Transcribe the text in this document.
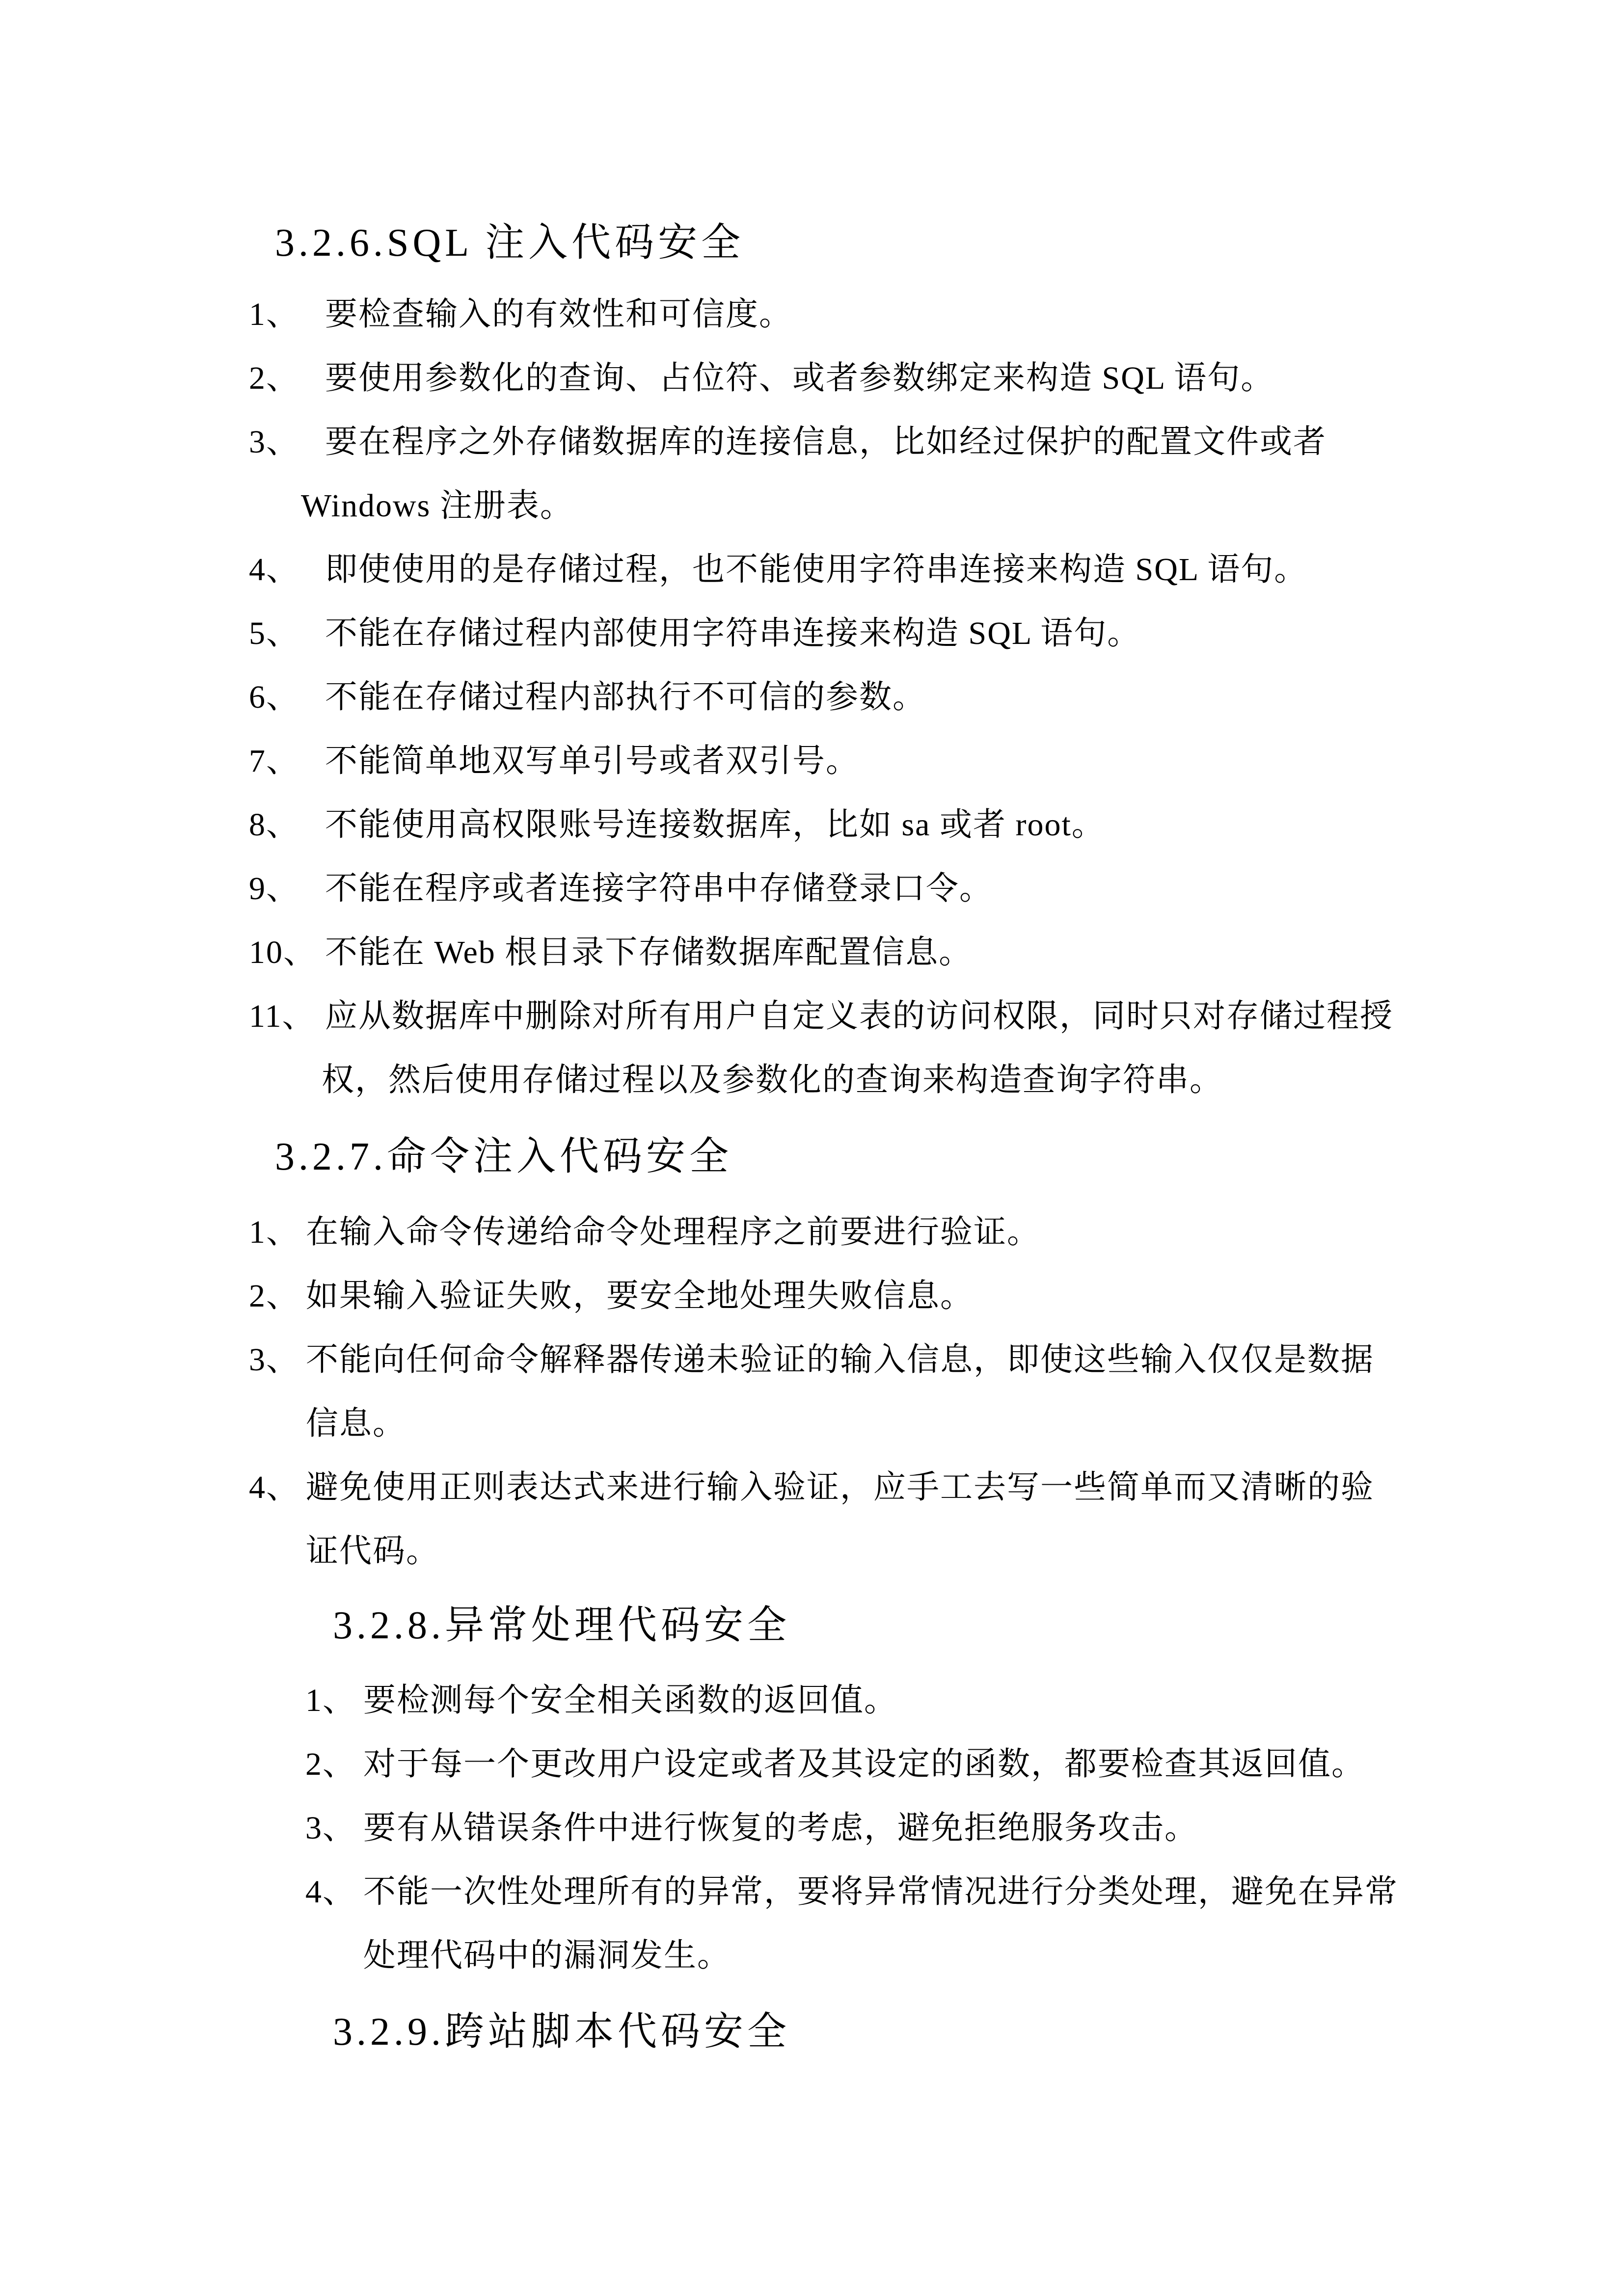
3.2.6.SQL 注入代码安全
1、 要检查输入的有效性和可信度。
2、 要使用参数化的查询、占位符、或者参数绑定来构造 SQL 语句。
3、 要在程序之外存储数据库的连接信息，比如经过保护的配置文件或者
Windows 注册表。
4、 即使使用的是存储过程，也不能使用字符串连接来构造 SQL 语句。
5、 不能在存储过程内部使用字符串连接来构造 SQL 语句。
6、 不能在存储过程内部执行不可信的参数。
7、 不能简单地双写单引号或者双引号。
8、 不能使用高权限账号连接数据库，比如 sa 或者 root。
9、 不能在程序或者连接字符串中存储登录口令。
10、 不能在 Web 根目录下存储数据库配置信息。
11、 应从数据库中删除对所有用户自定义表的访问权限，同时只对存储过程授
权，然后使用存储过程以及参数化的查询来构造查询字符串。
3.2.7.命令注入代码安全
1、 在输入命令传递给命令处理程序之前要进行验证。
2、 如果输入验证失败，要安全地处理失败信息。
3、 不能向任何命令解释器传递未验证的输入信息，即使这些输入仅仅是数据
信息。
4、 避免使用正则表达式来进行输入验证，应手工去写一些简单而又清晰的验
证代码。
3.2.8.异常处理代码安全
1、 要检测每个安全相关函数的返回值。
2、 对于每一个更改用户设定或者及其设定的函数，都要检查其返回值。
3、 要有从错误条件中进行恢复的考虑，避免拒绝服务攻击。
4、 不能一次性处理所有的异常，要将异常情况进行分类处理，避免在异常
处理代码中的漏洞发生。
3.2.9.跨站脚本代码安全
